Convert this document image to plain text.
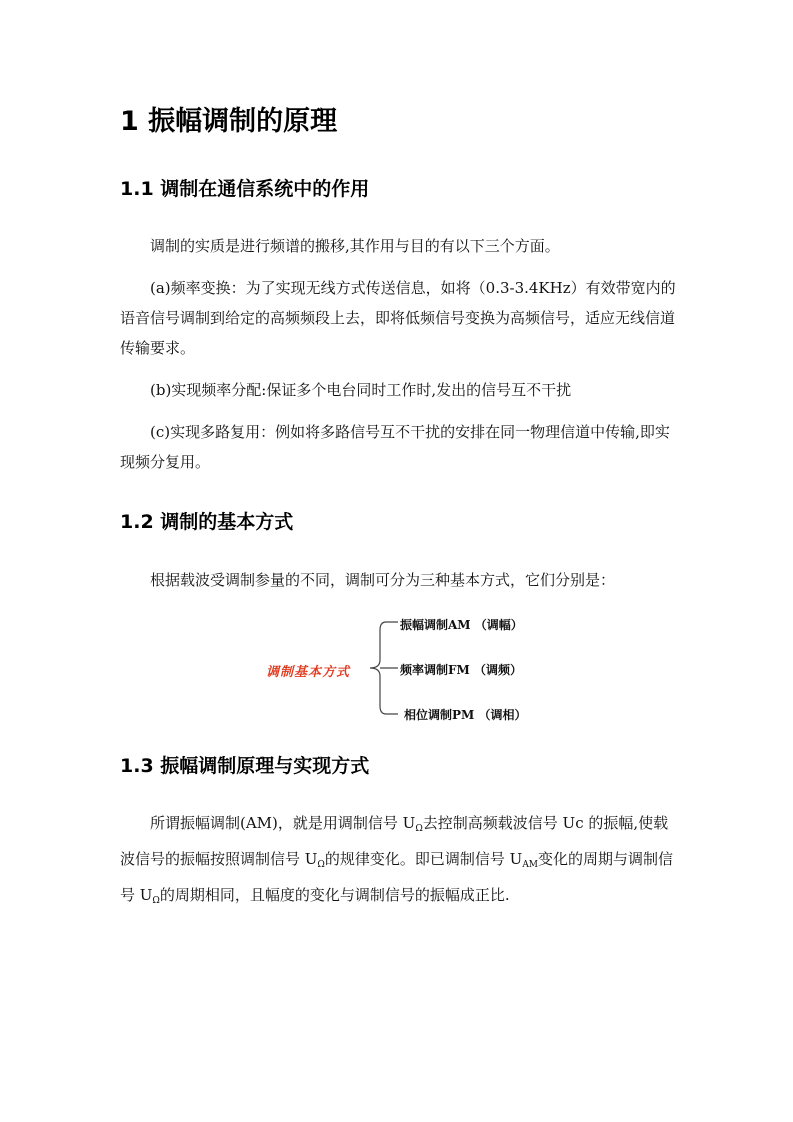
1 振幅调制的原理
1.1 调制在通信系统中的作用

调制的实质是进行频谱的搬移,其作用与目的有以下三个方面。

(a)频率变换：为了实现无线方式传送信息，如将（0.3-3.4KHz）有效带宽内的语音信号调制到给定的高频频段上去，即将低频信号变换为高频信号，适应无线信道传输要求。

(b)实现频率分配:保证多个电台同时工作时,发出的信号互不干扰

(c)实现多路复用：例如将多路信号互不干扰的安排在同一物理信道中传输,即实现频分复用。

1.2 调制的基本方式

根据载波受调制参量的不同，调制可分为三种基本方式，它们分别是：

调制基本方式
振幅调制AM （调幅）
频率调制FM （调频）
相位调制PM （调相）
1.3 振幅调制原理与实现方式

所谓振幅调制(AM)，就是用调制信号 $U_\Omega$去控制高频载波信号 Uc 的振幅,使载波信号的振幅按照调制信号 $U_\Omega$的规律变化。即已调制信号 $U_{AM}$变化的周期与调制信号 $U_\Omega$的周期相同，且幅度的变化与调制信号的振幅成正比.
